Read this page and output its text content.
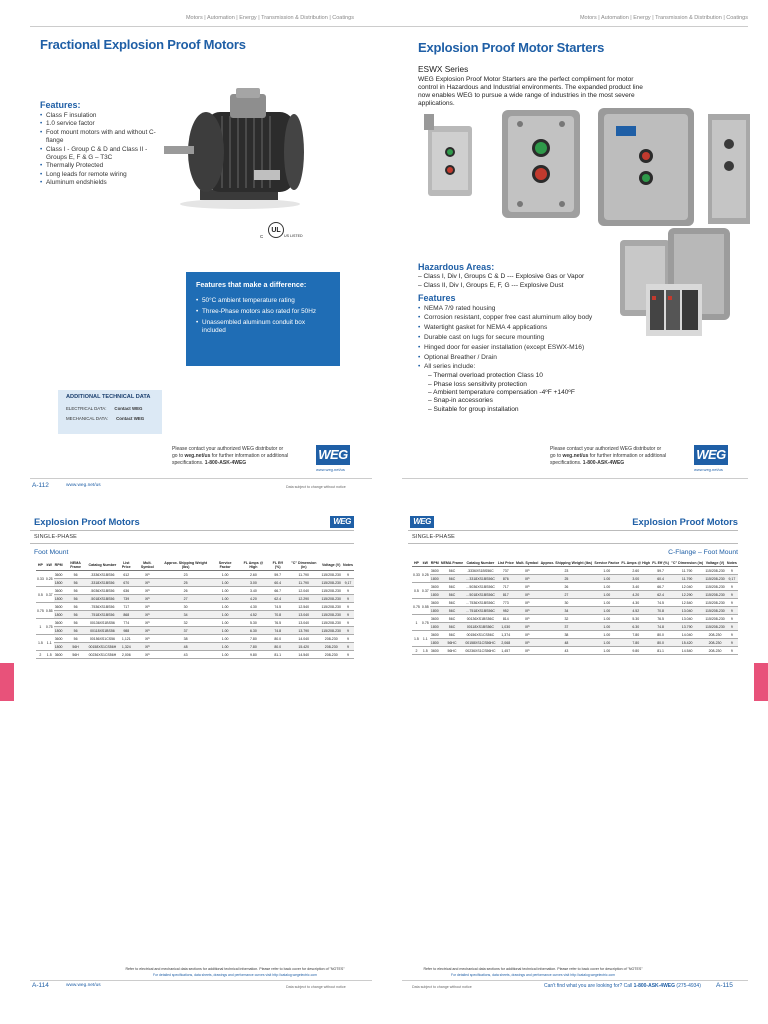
Motors | Automation | Energy | Transmission & Distribution | Coatings
Fractional Explosion Proof Motors
Features:
• Class F insulation
• 1.0 service factor
• Foot mount motors with and without C-flange
• Class I - Group C & D and Class II - Groups E, F & G – T3C
• Thermally Protected
• Long leads for remote wiring
• Aluminum endshields
UL
C	US LISTED
Features that make a difference:
• 50°C ambient temperature rating
• Three-Phase motors also rated for 50Hz
• Unassembled aluminum conduit box included
ADDITIONAL TECHNICAL DATA
ELECTRICAL DATA: Contact WEG
MECHANICAL DATA: Contact WEG
Please contact your authorized WEG distributor or
go to weg.net/us for further information or additional
specifications. 1-800-ASK-4WEG
WEG
www.weg.net/us
A-112	www.weg.net/us	Data subject to change without notice
Motors | Automation | Energy | Transmission & Distribution | Coatings
Explosion Proof Motor Starters
ESWX Series
WEG Explosion Proof Motor Starters are the perfect compliment for motor control in Hazardous and Industrial environments. The expanded product line now enables WEG to pursue a wide range of industries in the most severe applications.
Hazardous Areas:
– Class I, Div I, Groups C & D --- Explosive Gas or Vapor
– Class II, Div I, Groups E, F, G --- Explosive Dust
Features
• NEMA 7/9 rated housing
• Corrosion resistant, copper free cast aluminum alloy body
• Watertight gasket for NEMA 4 applications
• Durable cast on lugs for secure mounting
• Hinged door for easier installation (except ESWX-M16)
• Optional Breather / Drain
• All series include:
– Thermal overload protection Class 10
– Phase loss sensitivity protection
– Ambient temperature compensation -4ºF +140ºF
– Snap-in accessories
– Suitable for group installation
Please contact your authorized WEG distributor or
go to weg.net/us for further information or additional
specifications. 1-800-ASK-4WEG
WEG
www.weg.net/us
Explosion Proof Motors	WEG
SINGLE-PHASE
Foot Mount
HP	kW	RPM	NEMA Frame	Catalog Number	List Price	Mult. Symbol	Approx. Shipping Weight (lbs)	Service Factor	FL Amps @ High	FL Eff (%)	"C" Dimension (in)	Voltage (V)	Notes
0.33	0.25	3600	56	.3336XS1BS56	612	XP	23	1.00	2.60	59.7	11.790	115/208-230	9
		1800	56	.3318XS1BS56	670	XP	25	1.00	3.00	60.4	11.790	115/208-230	9,17
0.5	0.37	3600	56	.5036XS1BS56	636	XP	26	1.00	3.40	66.7	12.040	115/208-230	9
		1800	56	.5018XS1BS56	739	XP	27	1.00	4.20	62.4	12.290	115/208-230	9
0.75	0.55	3600	56	.7536XS1BS56	717	XP	30	1.00	4.30	74.5	12.540	115/208-230	9
		1800	56	.7518XS1BS56	868	XP	34	1.00	4.52	70.8	13.040	115/208-230	9
1	0.75	3600	56	00136XS1BS56	774	XP	32	1.00	5.30	76.5	13.040	115/208-230	9
		1800	56	00118XS1BS56	988	XP	37	1.00	6.30	74.8	13.790	115/208-230	9
1.5	1.1	3600	56	00156XS1CS56	1,121	XP	38	1.00	7.80	80.0	14.040	208-230	9
		1800	56H	00158XS1CS56H	1,324	XP	48	1.00	7.80	80.0	15.420	208-230	9
2	1.5	3600	56H	00236XS1CS56H	2,006	XP	43	1.00	9.80	81.1	14.540	208-230	9
Refer to electrical and mechanical data sections for additional technical information. Please refer to back cover for description of "NOTES"
For detailed specifications, data sheets, drawings and performance curves visit http://catalog.wegelectric.com
A-114	www.weg.net/us	Data subject to change without notice
WEG	Explosion Proof Motors
SINGLE-PHASE
C-Flange – Foot Mount
HP	kW	RPM	NEMA Frame	Catalog Number	List Price	Mult. Symbol	Approx. Shipping Weight (lbs)	Service Factor	FL Amps @ High	FL Eff (%)	"C" Dimension (in)	Voltage (V)	Notes
0.33	0.25	3600	56C	.3336XS1BS56C	737	XP	23	1.00	2.60	59.7	11.790	115/208-230	9
		1800	56C	…3318XS1BS56C	876	XP	25	1.00	3.00	60.4	11.790	115/208-230	9,17
0.5	0.37	3600	56C	…5036XS1BS56C	717	XP	26	1.00	3.40	66.7	12.040	115/208-230	9
		1800	56C	…5018XS1BS56C	817	XP	27	1.00	4.20	62.4	12.290	115/208-230	9
0.75	0.55	3600	56C	…7536XS1BS56C	773	XP	30	1.00	4.30	74.5	12.540	115/208-230	9
		1800	56C	…7518XS1BS56C	952	XP	34	1.00	4.52	70.8	13.040	115/208-230	9
1	0.75	3600	56C	00136XS1BS56C	814	XP	32	1.00	5.30	76.5	13.040	115/208-230	9
		1800	56C	00118XS1BS56C	1,030	XP	37	1.00	6.30	74.8	13.790	115/208-230	9
1.5	1.1	3600	56C	00156XS1CS56C	1,374	XP	38	1.00	7.80	80.0	14.040	208-230	9
		1800	56HC	00158XS1CS56HC	2,068	XP	48	1.00	7.80	80.0	15.420	208-230	9
2	1.5	3600	56HC	00236XS1CS56HC	1,457	XP	43	1.00	9.80	81.1	14.540	208-230	9
Refer to electrical and mechanical data sections for additional technical information. Please refer to back cover for description of "NOTES"
For detailed specifications, data sheets, drawings and performance curves visit http://catalog.wegelectric.com
Data subject to change without notice	Can't find what you are looking for? Call 1-800-ASK-4WEG (275-4934) A-115
